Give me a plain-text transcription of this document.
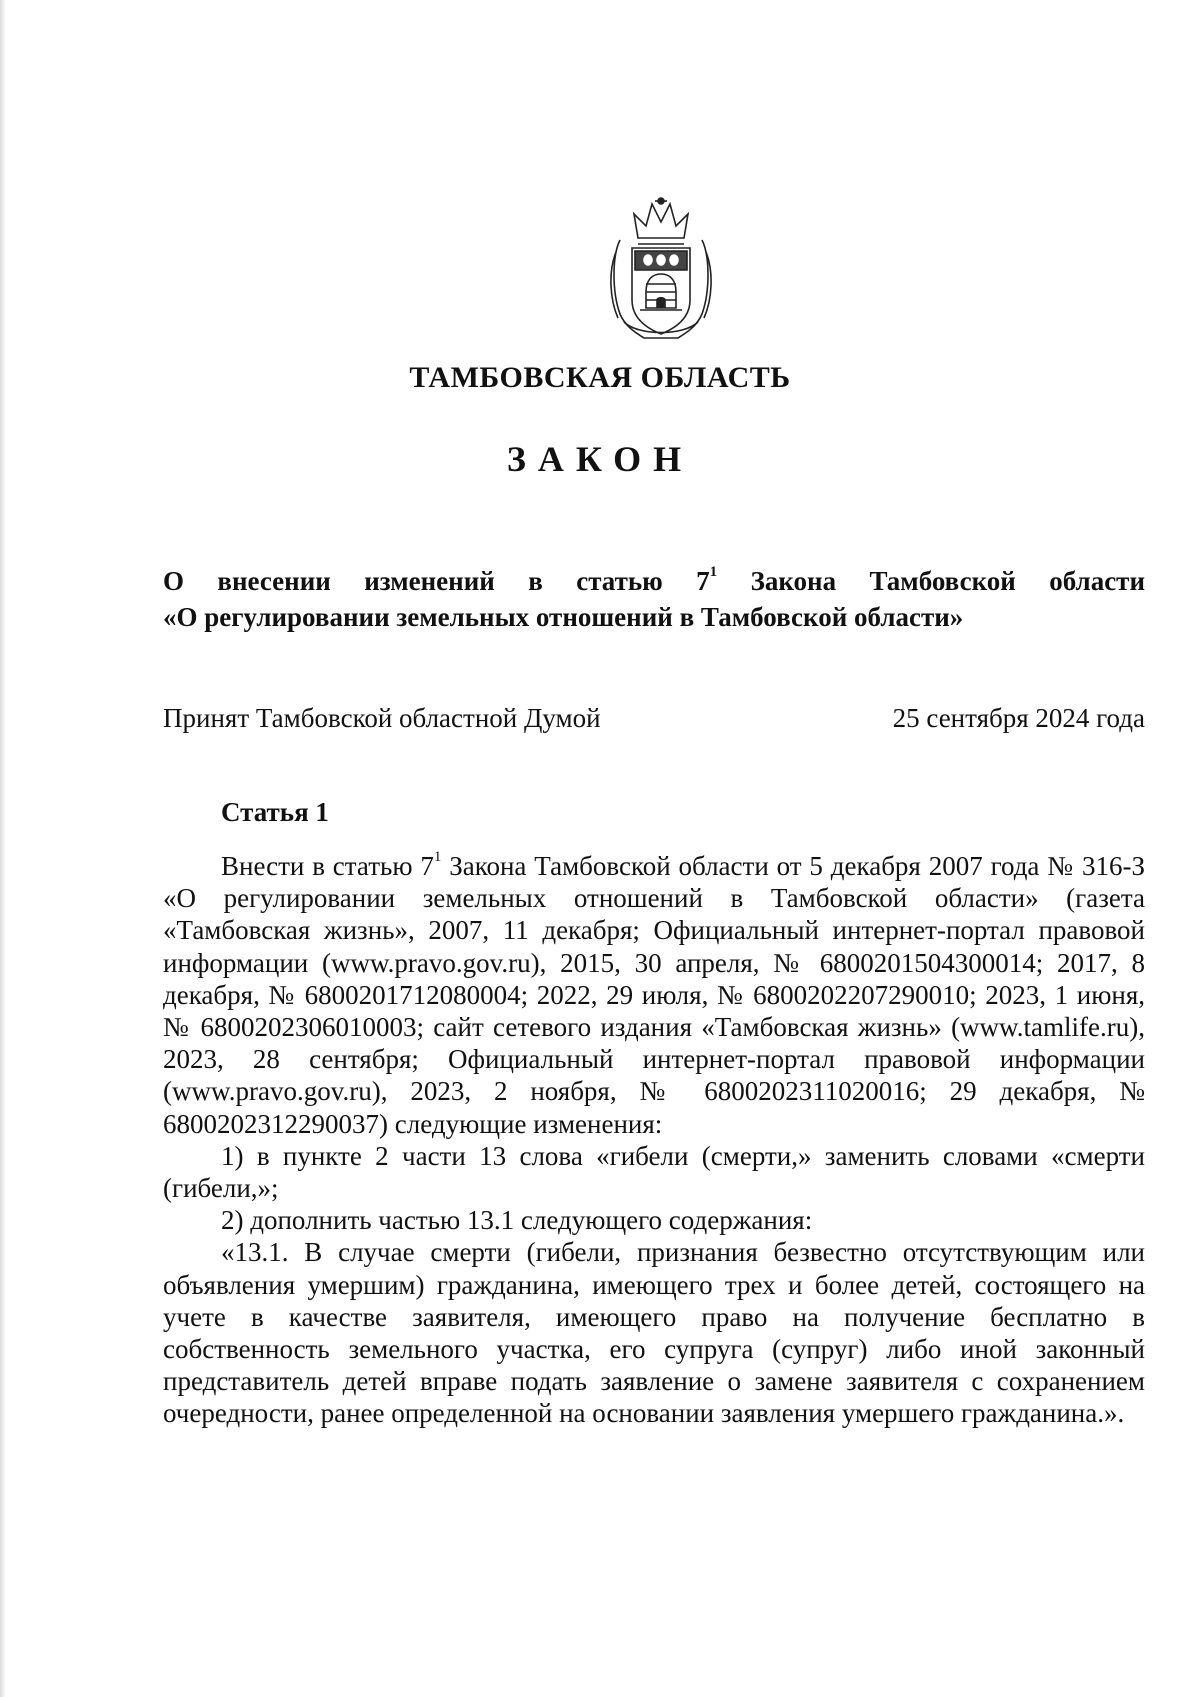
ТАМБОВСКАЯ ОБЛАСТЬ
ЗАКОН
О внесении изменений в статью $7^1$ Закона Тамбовской области
«О регулировании земельных отношений в Тамбовской области»
Принят Тамбовской областной Думой	25 сентября 2024 года
Статья 1

Внести в статью $7^1$ Закона Тамбовской области от 5 декабря 2007 года № 316-З «О регулировании земельных отношений в Тамбовской области» (газета «Тамбовская жизнь», 2007, 11 декабря; Официальный интернет-портал правовой информации (www.pravo.gov.ru), 2015, 30 апреля, № 6800201504300014; 2017, 8 декабря, № 6800201712080004; 2022, 29 июля, № 6800202207290010; 2023, 1 июня, № 6800202306010003; сайт сетевого издания «Тамбовская жизнь» (www.tamlife.ru), 2023, 28 сентября; Официальный интернет-портал правовой информации (www.pravo.gov.ru), 2023, 2 ноября, № 6800202311020016; 29 декабря, № 6800202312290037) следующие изменения:

1) в пункте 2 части 13 слова «гибели (смерти,» заменить словами «смерти (гибели,»;

2) дополнить частью 13.1 следующего содержания:

«13.1. В случае смерти (гибели, признания безвестно отсутствующим или объявления умершим) гражданина, имеющего трех и более детей, состоящего на учете в качестве заявителя, имеющего право на получение бесплатно в собственность земельного участка, его супруга (супруг) либо иной законный представитель детей вправе подать заявление о замене заявителя с сохранением очередности, ранее определенной на основании заявления умершего гражданина.».
